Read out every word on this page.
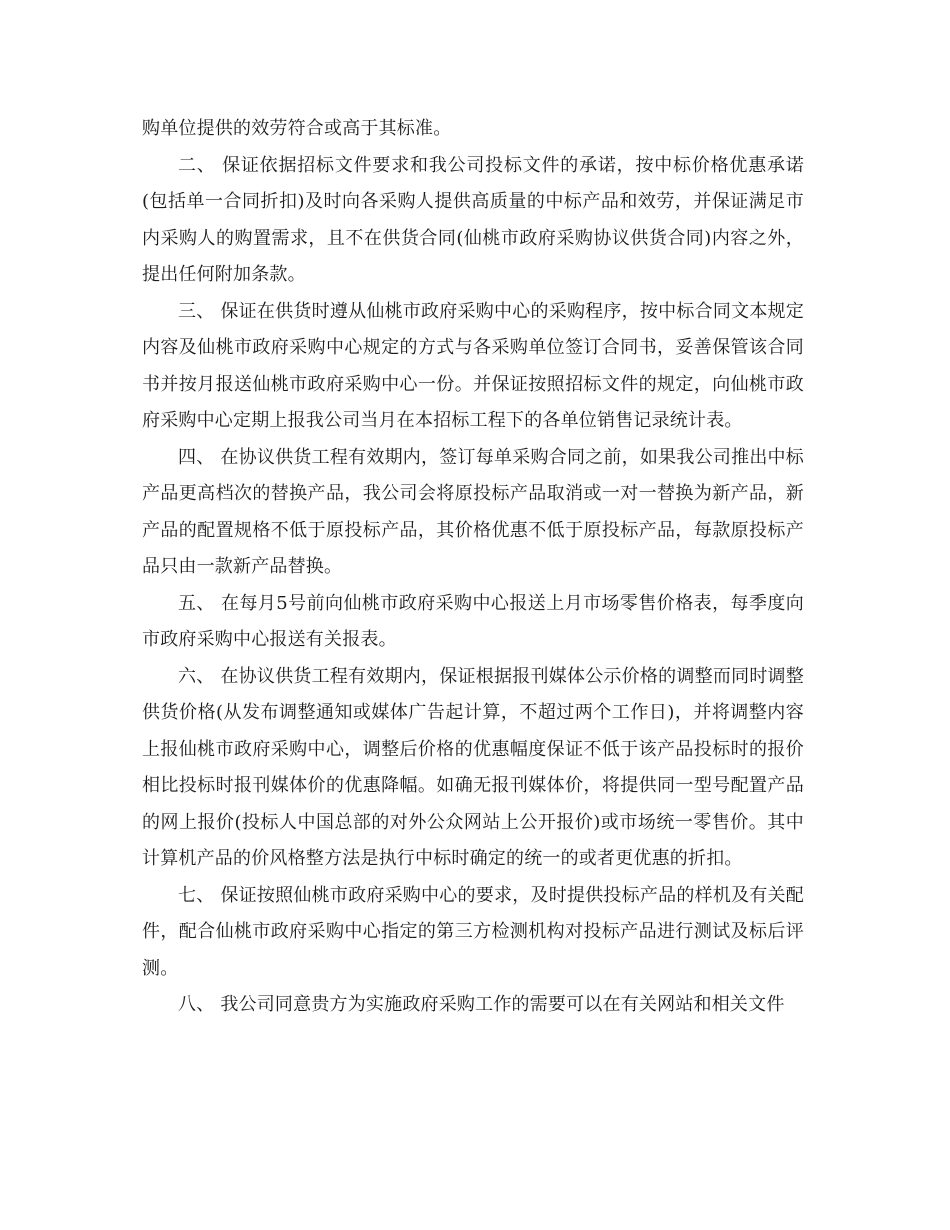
购单位提供的效劳符合或高于其标准。

二、 保证依据招标文件要求和我公司投标文件的承诺，按中标价格优惠承诺(包括单一合同折扣)及时向各采购人提供高质量的中标产品和效劳，并保证满足市内采购人的购置需求，且不在供货合同(仙桃市政府采购协议供货合同)内容之外，提出任何附加条款。

三、 保证在供货时遵从仙桃市政府采购中心的采购程序，按中标合同文本规定内容及仙桃市政府采购中心规定的方式与各采购单位签订合同书，妥善保管该合同书并按月报送仙桃市政府采购中心一份。并保证按照招标文件的规定，向仙桃市政府采购中心定期上报我公司当月在本招标工程下的各单位销售记录统计表。

四、 在协议供货工程有效期内，签订每单采购合同之前，如果我公司推出中标产品更高档次的替换产品，我公司会将原投标产品取消或一对一替换为新产品，新产品的配置规格不低于原投标产品，其价格优惠不低于原投标产品，每款原投标产品只由一款新产品替换。

五、 在每月5号前向仙桃市政府采购中心报送上月市场零售价格表，每季度向市政府采购中心报送有关报表。

六、 在协议供货工程有效期内，保证根据报刊媒体公示价格的调整而同时调整供货价格(从发布调整通知或媒体广告起计算，不超过两个工作日)，并将调整内容上报仙桃市政府采购中心，调整后价格的优惠幅度保证不低于该产品投标时的报价相比投标时报刊媒体价的优惠降幅。如确无报刊媒体价，将提供同一型号配置产品的网上报价(投标人中国总部的对外公众网站上公开报价)或市场统一零售价。其中计算机产品的价风格整方法是执行中标时确定的统一的或者更优惠的折扣。

七、 保证按照仙桃市政府采购中心的要求，及时提供投标产品的样机及有关配件，配合仙桃市政府采购中心指定的第三方检测机构对投标产品进行测试及标后评测。

八、 我公司同意贵方为实施政府采购工作的需要可以在有关网站和相关文件
